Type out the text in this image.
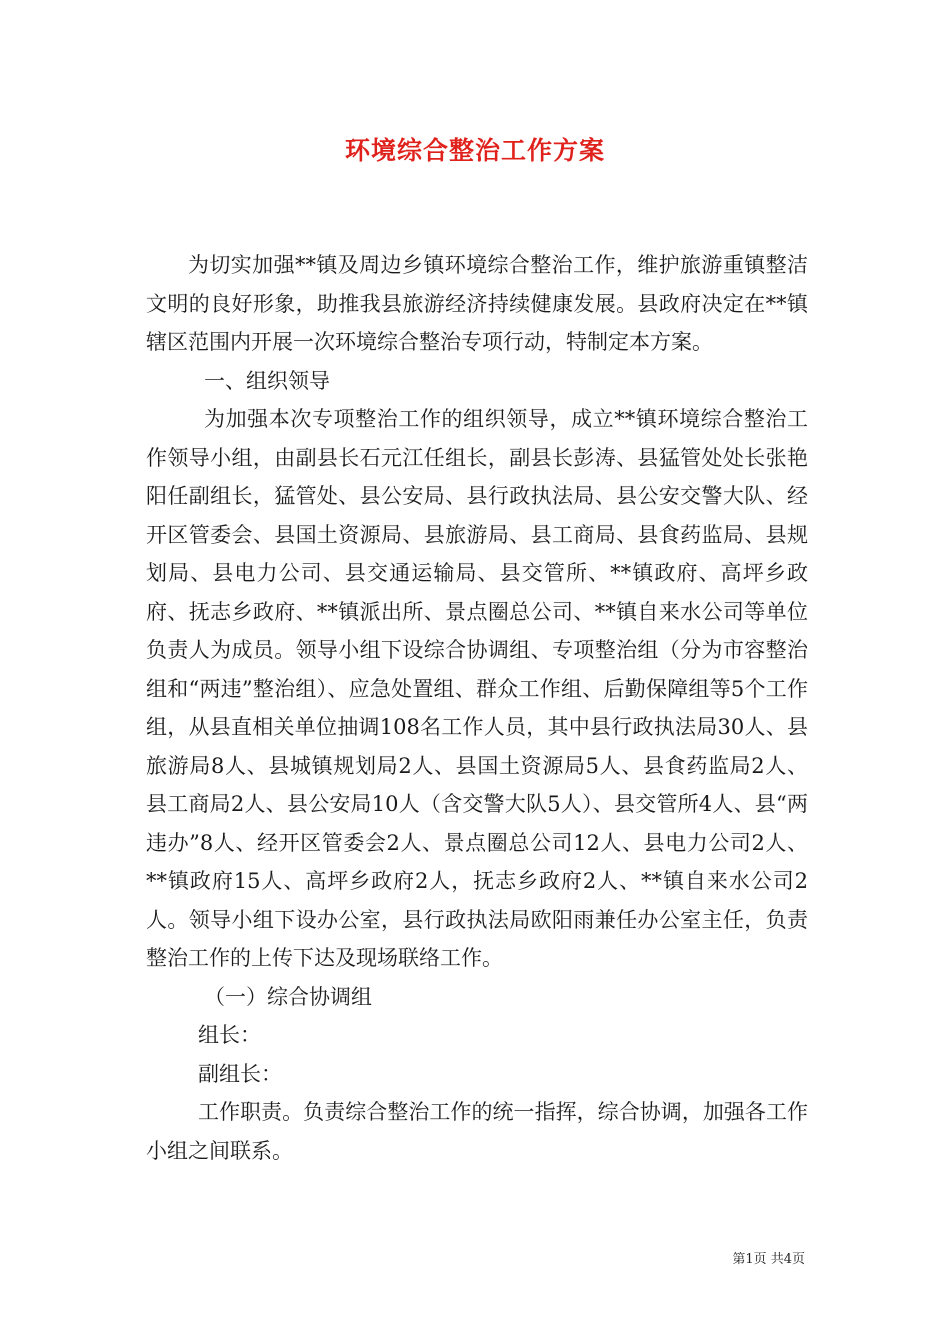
环境综合整治工作方案

为切实加强**镇及周边乡镇环境综合整治工作，维护旅游重镇整洁文明的良好形象，助推我县旅游经济持续健康发展。县政府决定在**镇辖区范围内开展一次环境综合整治专项行动，特制定本方案。

一、组织领导

为加强本次专项整治工作的组织领导，成立**镇环境综合整治工作领导小组，由副县长石元江任组长，副县长彭涛、县猛管处处长张艳阳任副组长，猛管处、县公安局、县行政执法局、县公安交警大队、经开区管委会、县国土资源局、县旅游局、县工商局、县食药监局、县规划局、县电力公司、县交通运输局、县交管所、**镇政府、高坪乡政府、抚志乡政府、**镇派出所、景点圈总公司、**镇自来水公司等单位负责人为成员。领导小组下设综合协调组、专项整治组（分为市容整治组和“两违”整治组）、应急处置组、群众工作组、后勤保障组等5个工作组，从县直相关单位抽调108名工作人员，其中县行政执法局30人、县旅游局8人、县城镇规划局2人、县国土资源局5人、县食药监局2人、县工商局2人、县公安局10人（含交警大队5人）、县交管所4人、县“两违办”8人、经开区管委会2人、景点圈总公司12人、县电力公司2人、**镇政府15人、高坪乡政府2人，抚志乡政府2人、**镇自来水公司2人。领导小组下设办公室，县行政执法局欧阳雨兼任办公室主任，负责整治工作的上传下达及现场联络工作。

（一）综合协调组

组长：

副组长：

工作职责。负责综合整治工作的统一指挥，综合协调，加强各工作小组之间联系。

第1页 共4页
